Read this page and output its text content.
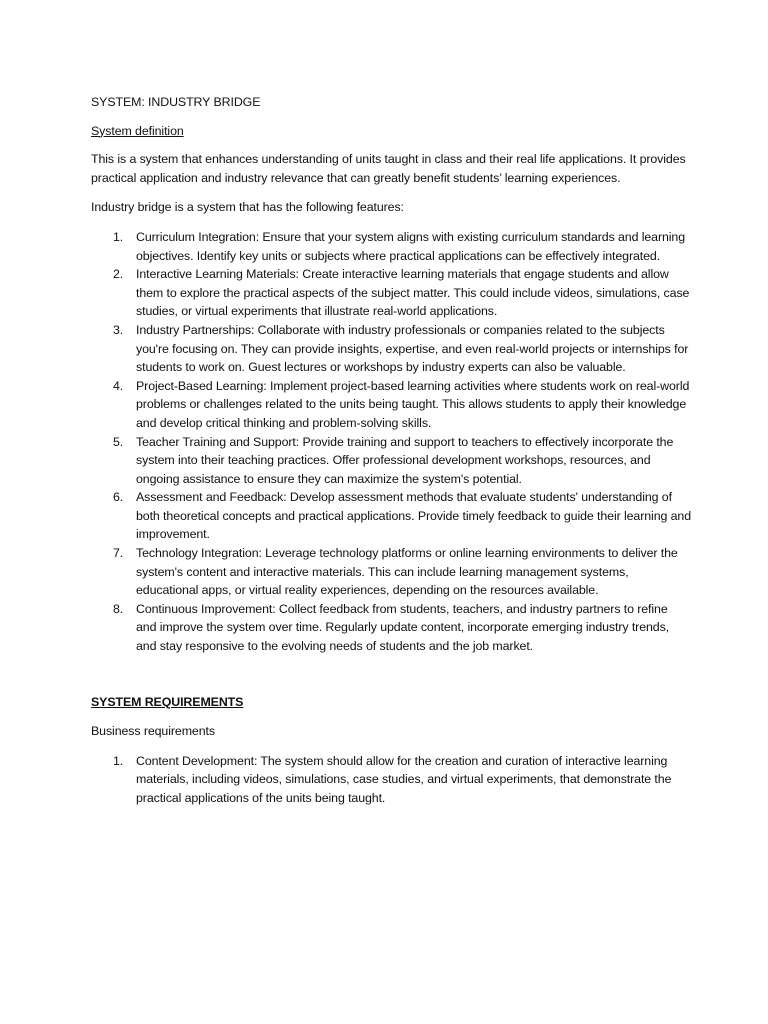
SYSTEM: INDUSTRY BRIDGE

System definition

This is a system that enhances understanding of units taught in class and their real life applications. It provides practical application and industry relevance that can greatly benefit students’ learning experiences.

Industry bridge is a system that has the following features:

1. Curriculum Integration: Ensure that your system aligns with existing curriculum standards and learning objectives. Identify key units or subjects where practical applications can be effectively integrated.
2. Interactive Learning Materials: Create interactive learning materials that engage students and allow them to explore the practical aspects of the subject matter. This could include videos, simulations, case studies, or virtual experiments that illustrate real-world applications.
3. Industry Partnerships: Collaborate with industry professionals or companies related to the subjects you're focusing on. They can provide insights, expertise, and even real-world projects or internships for students to work on. Guest lectures or workshops by industry experts can also be valuable.
4. Project-Based Learning: Implement project-based learning activities where students work on real-world problems or challenges related to the units being taught. This allows students to apply their knowledge and develop critical thinking and problem-solving skills.
5. Teacher Training and Support: Provide training and support to teachers to effectively incorporate the system into their teaching practices. Offer professional development workshops, resources, and ongoing assistance to ensure they can maximize the system's potential.
6. Assessment and Feedback: Develop assessment methods that evaluate students' understanding of both theoretical concepts and practical applications. Provide timely feedback to guide their learning and improvement.
7. Technology Integration: Leverage technology platforms or online learning environments to deliver the system's content and interactive materials. This can include learning management systems, educational apps, or virtual reality experiences, depending on the resources available.
8. Continuous Improvement: Collect feedback from students, teachers, and industry partners to refine and improve the system over time. Regularly update content, incorporate emerging industry trends, and stay responsive to the evolving needs of students and the job market.

SYSTEM REQUIREMENTS

Business requirements

1. Content Development: The system should allow for the creation and curation of interactive learning materials, including videos, simulations, case studies, and virtual experiments, that demonstrate the practical applications of the units being taught.
